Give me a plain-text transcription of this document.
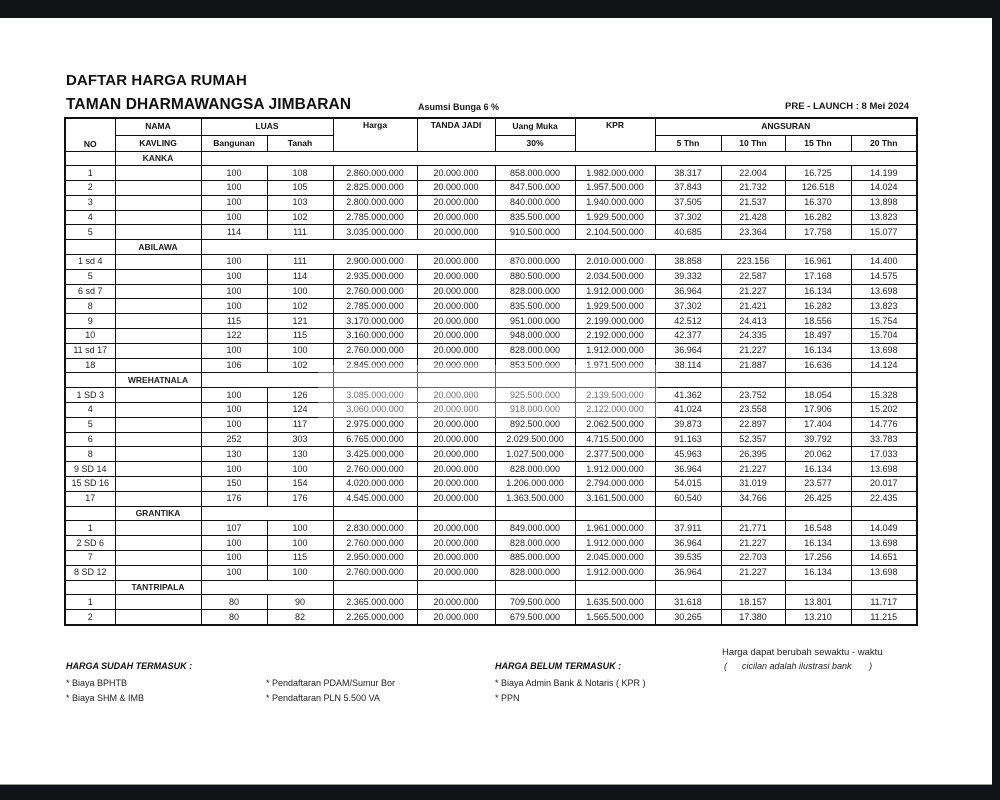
DAFTAR HARGA RUMAH
TAMAN DHARMAWANGSA JIMBARAN	Asumsi Bunga 6 %	PRE - LAUNCH : 8 Mei 2024
NO	NAMA	LUAS		Harga	TANDA JADI	Uang Muka	KPR	ANGSURAN			
	KAVLING	Bangunan	Tanah			30%		5 Thn	10 Thn	15 Thn	20 Thn
	KANKA										
1		100	108	2.860.000.000	20.000.000	858.000.000	1.982.000.000	38.317	22.004	16.725	14.199
2		100	105	2.825.000.000	20.000.000	847.500.000	1.957.500.000	37.843	21.732	126.518	14.024
3		100	103	2.800.000.000	20.000.000	840.000.000	1.940.000.000	37.505	21.537	16.370	13.898
4		100	102	2.785.000.000	20.000.000	835.500.000	1.929.500.000	37.302	21.428	16.282	13.823
5		114	111	3.035.000.000	20.000.000	910.500.000	2.104.500.000	40.685	23.364	17.758	15.077
	ABILAWA										
1 sd 4		100	111	2.900.000.000	20.000.000	870.000.000	2.010.000.000	38.858	223.156	16.961	14.400
5		100	114	2.935.000.000	20.000.000	880.500.000	2.034.500.000	39.332	22.587	17.168	14.575
6 sd 7		100	100	2.760.000.000	20.000.000	828.000.000	1.912.000.000	36.964	21.227	16.134	13.698
8		100	102	2.785.000.000	20.000.000	835.500.000	1.929.500.000	37.302	21.421	16.282	13.823
9		115	121	3.170.000.000	20.000.000	951.000.000	2.199.000.000	42.512	24.413	18.556	15.754
10		122	115	3.160.000.000	20.000.000	948.000.000	2.192.000.000	42.377	24.335	18.497	15.704
11 sd 17		100	100	2.760.000.000	20.000.000	828.000.000	1.912.000.000	36.964	21.227	16.134	13.698
18		106	102	2.845.000.000	20.000.000	853.500.000	1.971.500.000	38.114	21.887	16.636	14.124
	WREHATNALA										
1 SD 3		100	126	3.085.000.000	20.000.000	925.500.000	2.139.500.000	41.362	23.752	18.054	15.328
4		100	124	3.060.000.000	20.000.000	918.000.000	2.122.000.000	41.024	23.558	17.906	15.202
5		100	117	2.975.000.000	20.000.000	892.500.000	2.062.500.000	39.873	22.897	17.404	14.776
6		252	303	6.765.000.000	20.000.000	2.029.500.000	4.715.500.000	91.163	52.357	39.792	33.783
8		130	130	3.425.000.000	20.000.000	1.027.500.000	2.377.500.000	45.963	26.395	20.062	17.033
9 SD 14		100	100	2.760.000.000	20.000.000	828.000.000	1.912.000.000	36.964	21.227	16.134	13.698
15 SD 16		150	154	4.020.000.000	20.000.000	1.206.000.000	2.794.000.000	54.015	31.019	23.577	20.017
17		176	176	4.545.000.000	20.000.000	1.363.500.000	3.161.500.000	60.540	34.766	26.425	22.435
	GRANTIKA										
1		107	100	2.830.000.000	20.000.000	849.000.000	1.961.000.000	37.911	21.771	16.548	14.049
2 SD 6		100	100	2.760.000.000	20.000.000	828.000.000	1.912.000.000	36.964	21.227	16.134	13.698
7		100	115	2.950.000.000	20.000.000	885.000.000	2.045.000.000	39.535	22.703	17.256	14.651
8 SD 12		100	100	2.760.000.000	20.000.000	828.000.000	1.912.000.000	36.964	21.227	16.134	13.698
	TANTRIPALA										
1		80	90	2.365.000.000	20.000.000	709.500.000	1.635.500.000	31.618	18.157	13.801	11.717
2		80	82	2.265.000.000	20.000.000	679.500.000	1.565.500.000	30.265	17.380	13.210	11.215
HARGA SUDAH TERMASUK :
* Biaya BPHTB
* Biaya SHM & IMB
* Pendaftaran PDAM/Sumur Bor
* Pendaftaran PLN 5.500 VA
HARGA BELUM TERMASUK :
* Biaya Admin Bank & Notaris ( KPR )
* PPN
Harga dapat berubah sewaktu - waktu
(      cicilan adalah ilustrasi bank       )
